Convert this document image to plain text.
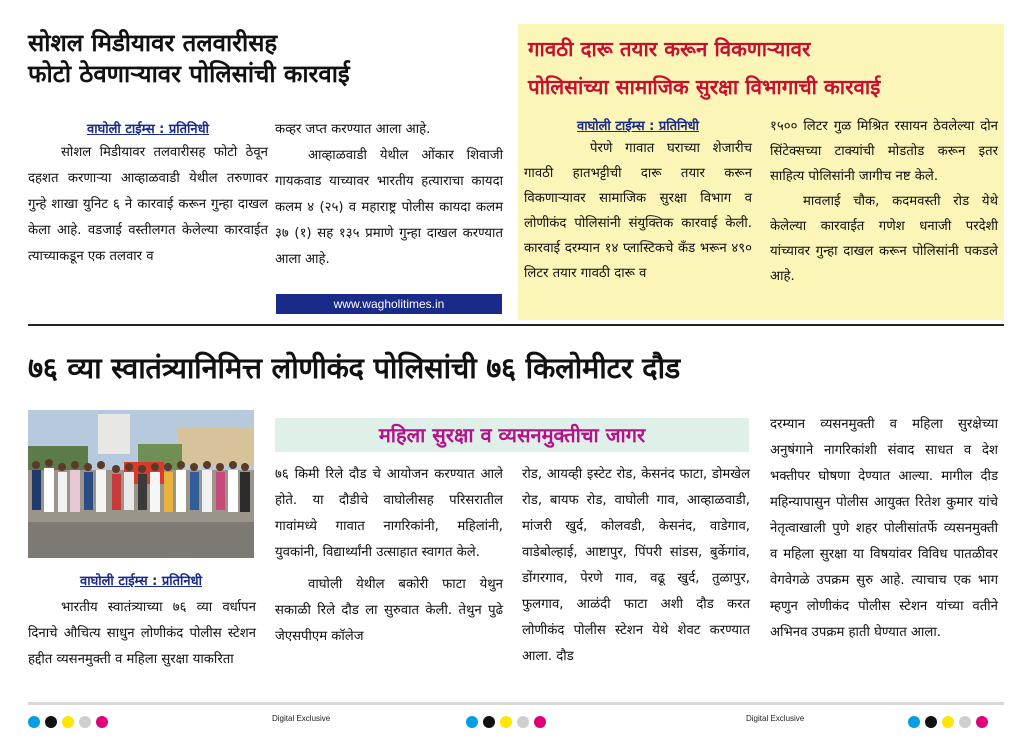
सोशल मिडीयावर तलवारीसह
फोटो ठेवणाऱ्यावर पोलिसांची कारवाई
वाघोली टाईम्स : प्रतिनिधी

सोशल मिडीयावर तलवारीसह फोटो ठेवून दहशत करणाऱ्या आव्हाळवाडी येथील तरुणावर गुन्हे शाखा युनिट ६ ने कारवाई करून गुन्हा दाखल केला आहे. वडजाई वस्तीलगत केलेल्या कारवाईत त्याच्याकडून एक तलवार व

कव्हर जप्त करण्यात आला आहे.

आव्हाळवाडी येथील ओंकार शिवाजी गायकवाड याच्यावर भारतीय हत्याराचा कायदा कलम ४ (२५) व महाराष्ट्र पोलीस कायदा कलम ३७ (१) सह १३५ प्रमाणे गुन्हा दाखल करण्यात आला आहे.

www.wagholitimes.in
गावठी दारू तयार करून विकणाऱ्यावर
पोलिसांच्या सामाजिक सुरक्षा विभागाची कारवाई
वाघोली टाईम्स : प्रतिनिधी

पेरणे गावात घराच्या शेजारीच गावठी हातभट्टीची दारू तयार करून विकणाऱ्यावर सामाजिक सुरक्षा विभाग व लोणीकंद पोलिसांनी संयुक्तिक कारवाई केली. कारवाई दरम्यान १४ प्लास्टिकचे कँड भरून ४९० लिटर तयार गावठी दारू व

१५०० लिटर गुळ मिश्रित रसायन ठेवलेल्या दोन सिंटेक्सच्या टाक्यांची मोडतोड करून इतर साहित्य पोलिसांनी जागीच नष्ट केले.

मावलाई चौक, कदमवस्ती रोड येथे केलेल्या कारवाईत गणेश धनाजी परदेशी यांच्यावर गुन्हा दाखल करून पोलिसांनी पकडले आहे.

७६ व्या स्वातंत्र्यानिमित्त लोणीकंद पोलिसांची ७६ किलोमीटर दौड
वाघोली टाईम्स : प्रतिनिधी

भारतीय स्वातंत्र्याच्या ७६ व्या वर्धापन दिनाचे औचित्य साधुन लोणीकंद पोलीस स्टेशन हद्दीत व्यसनमुक्ती व महिला सुरक्षा याकरिता

महिला सुरक्षा व व्यसनमुक्तीचा जागर

७६ किमी रिले दौड चे आयोजन करण्यात आले होते. या दौडीचे वाघोलीसह परिसरातील गावांमध्ये गावात नागरिकांनी, महिलांनी, युवकांनी, विद्यार्थ्यांनी उत्साहात स्वागत केले.

वाघोली येथील बकोरी फाटा येथुन सकाळी रिले दौड ला सुरुवात केली. तेथुन पुढे जेएसपीएम कॉलेज

रोड, आयव्ही इस्टेट रोड, केसनंद फाटा, डोमखेल रोड, बायफ रोड, वाघोली गाव, आव्हाळवाडी, मांजरी खुर्द, कोलवडी, केसनंद, वाडेगाव, वाडेबोल्हाई, आष्टापुर, पिंपरी सांडस, बुर्केगांव, डोंगरगाव, पेरणे गाव, वढू खुर्द, तुळापुर, फुलगाव, आळंदी फाटा अशी दौड करत लोणीकंद पोलीस स्टेशन येथे शेवट करण्यात आला. दौड

दरम्यान व्यसनमुक्ती व महिला सुरक्षेच्या अनुषंगाने नागरिकांशी संवाद साधत व देश भक्तीपर घोषणा देण्यात आल्या. मागील दीड महिन्यापासुन पोलीस आयुक्त रितेश कुमार यांचे नेतृत्वाखाली पुणे शहर पोलीसांतर्फे व्यसनमुक्ती व महिला सुरक्षा या विषयांवर विविध पातळीवर वेगवेगळे उपक्रम सुरु आहे. त्याचाच एक भाग म्हणुन लोणीकंद पोलीस स्टेशन यांच्या वतीने अभिनव उपक्रम हाती घेण्यात आला.

Digital Exclusive	Digital Exclusive
